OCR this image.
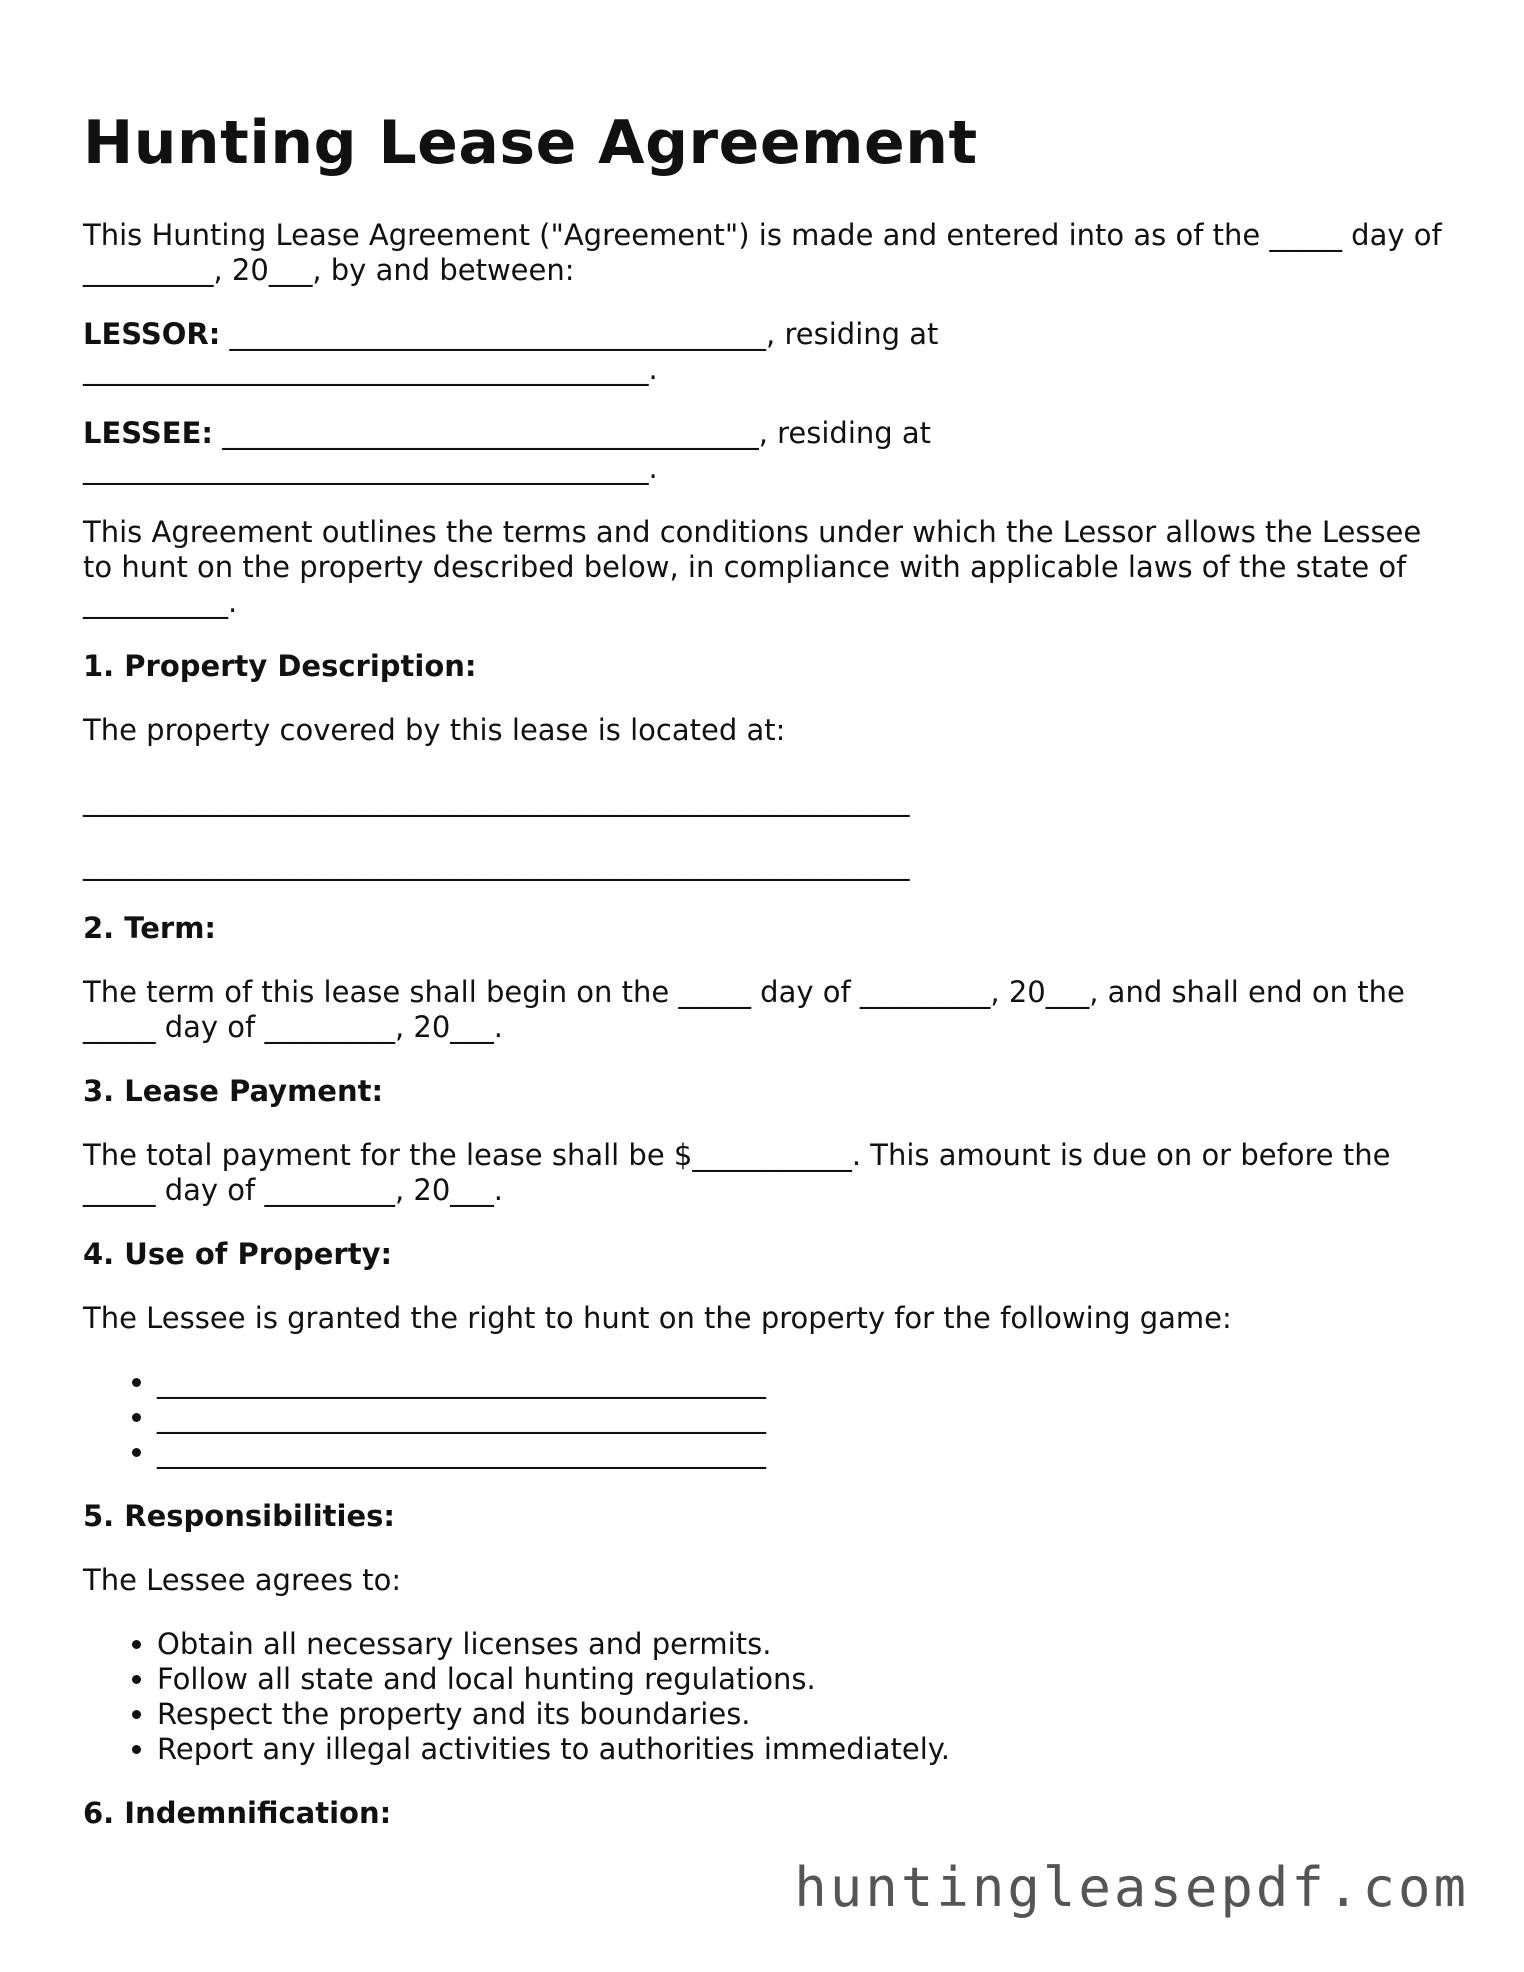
Hunting Lease Agreement

This Hunting Lease Agreement ("Agreement") is made and entered into as of the _____ day of _________, 20___, by and between:

LESSOR: _____________________________________, residing at _______________________________________.

LESSEE: _____________________________________, residing at _______________________________________.

This Agreement outlines the terms and conditions under which the Lessor allows the Lessee to hunt on the property described below, in compliance with applicable laws of the state of __________.

1. Property Description:

The property covered by this lease is located at:

_________________________________________________________
_________________________________________________________
2. Term:

The term of this lease shall begin on the _____ day of _________, 20___, and shall end on the _____ day of _________, 20___.

3. Lease Payment:

The total payment for the lease shall be $___________. This amount is due on or before the _____ day of _________, 20___.

4. Use of Property:

The Lessee is granted the right to hunt on the property for the following game:

• __________________________________________
• __________________________________________
• __________________________________________
5. Responsibilities:

The Lessee agrees to:

• Obtain all necessary licenses and permits.
• Follow all state and local hunting regulations.
• Respect the property and its boundaries.
• Report any illegal activities to authorities immediately.
6. Indemnification:
huntingleasepdf.com
